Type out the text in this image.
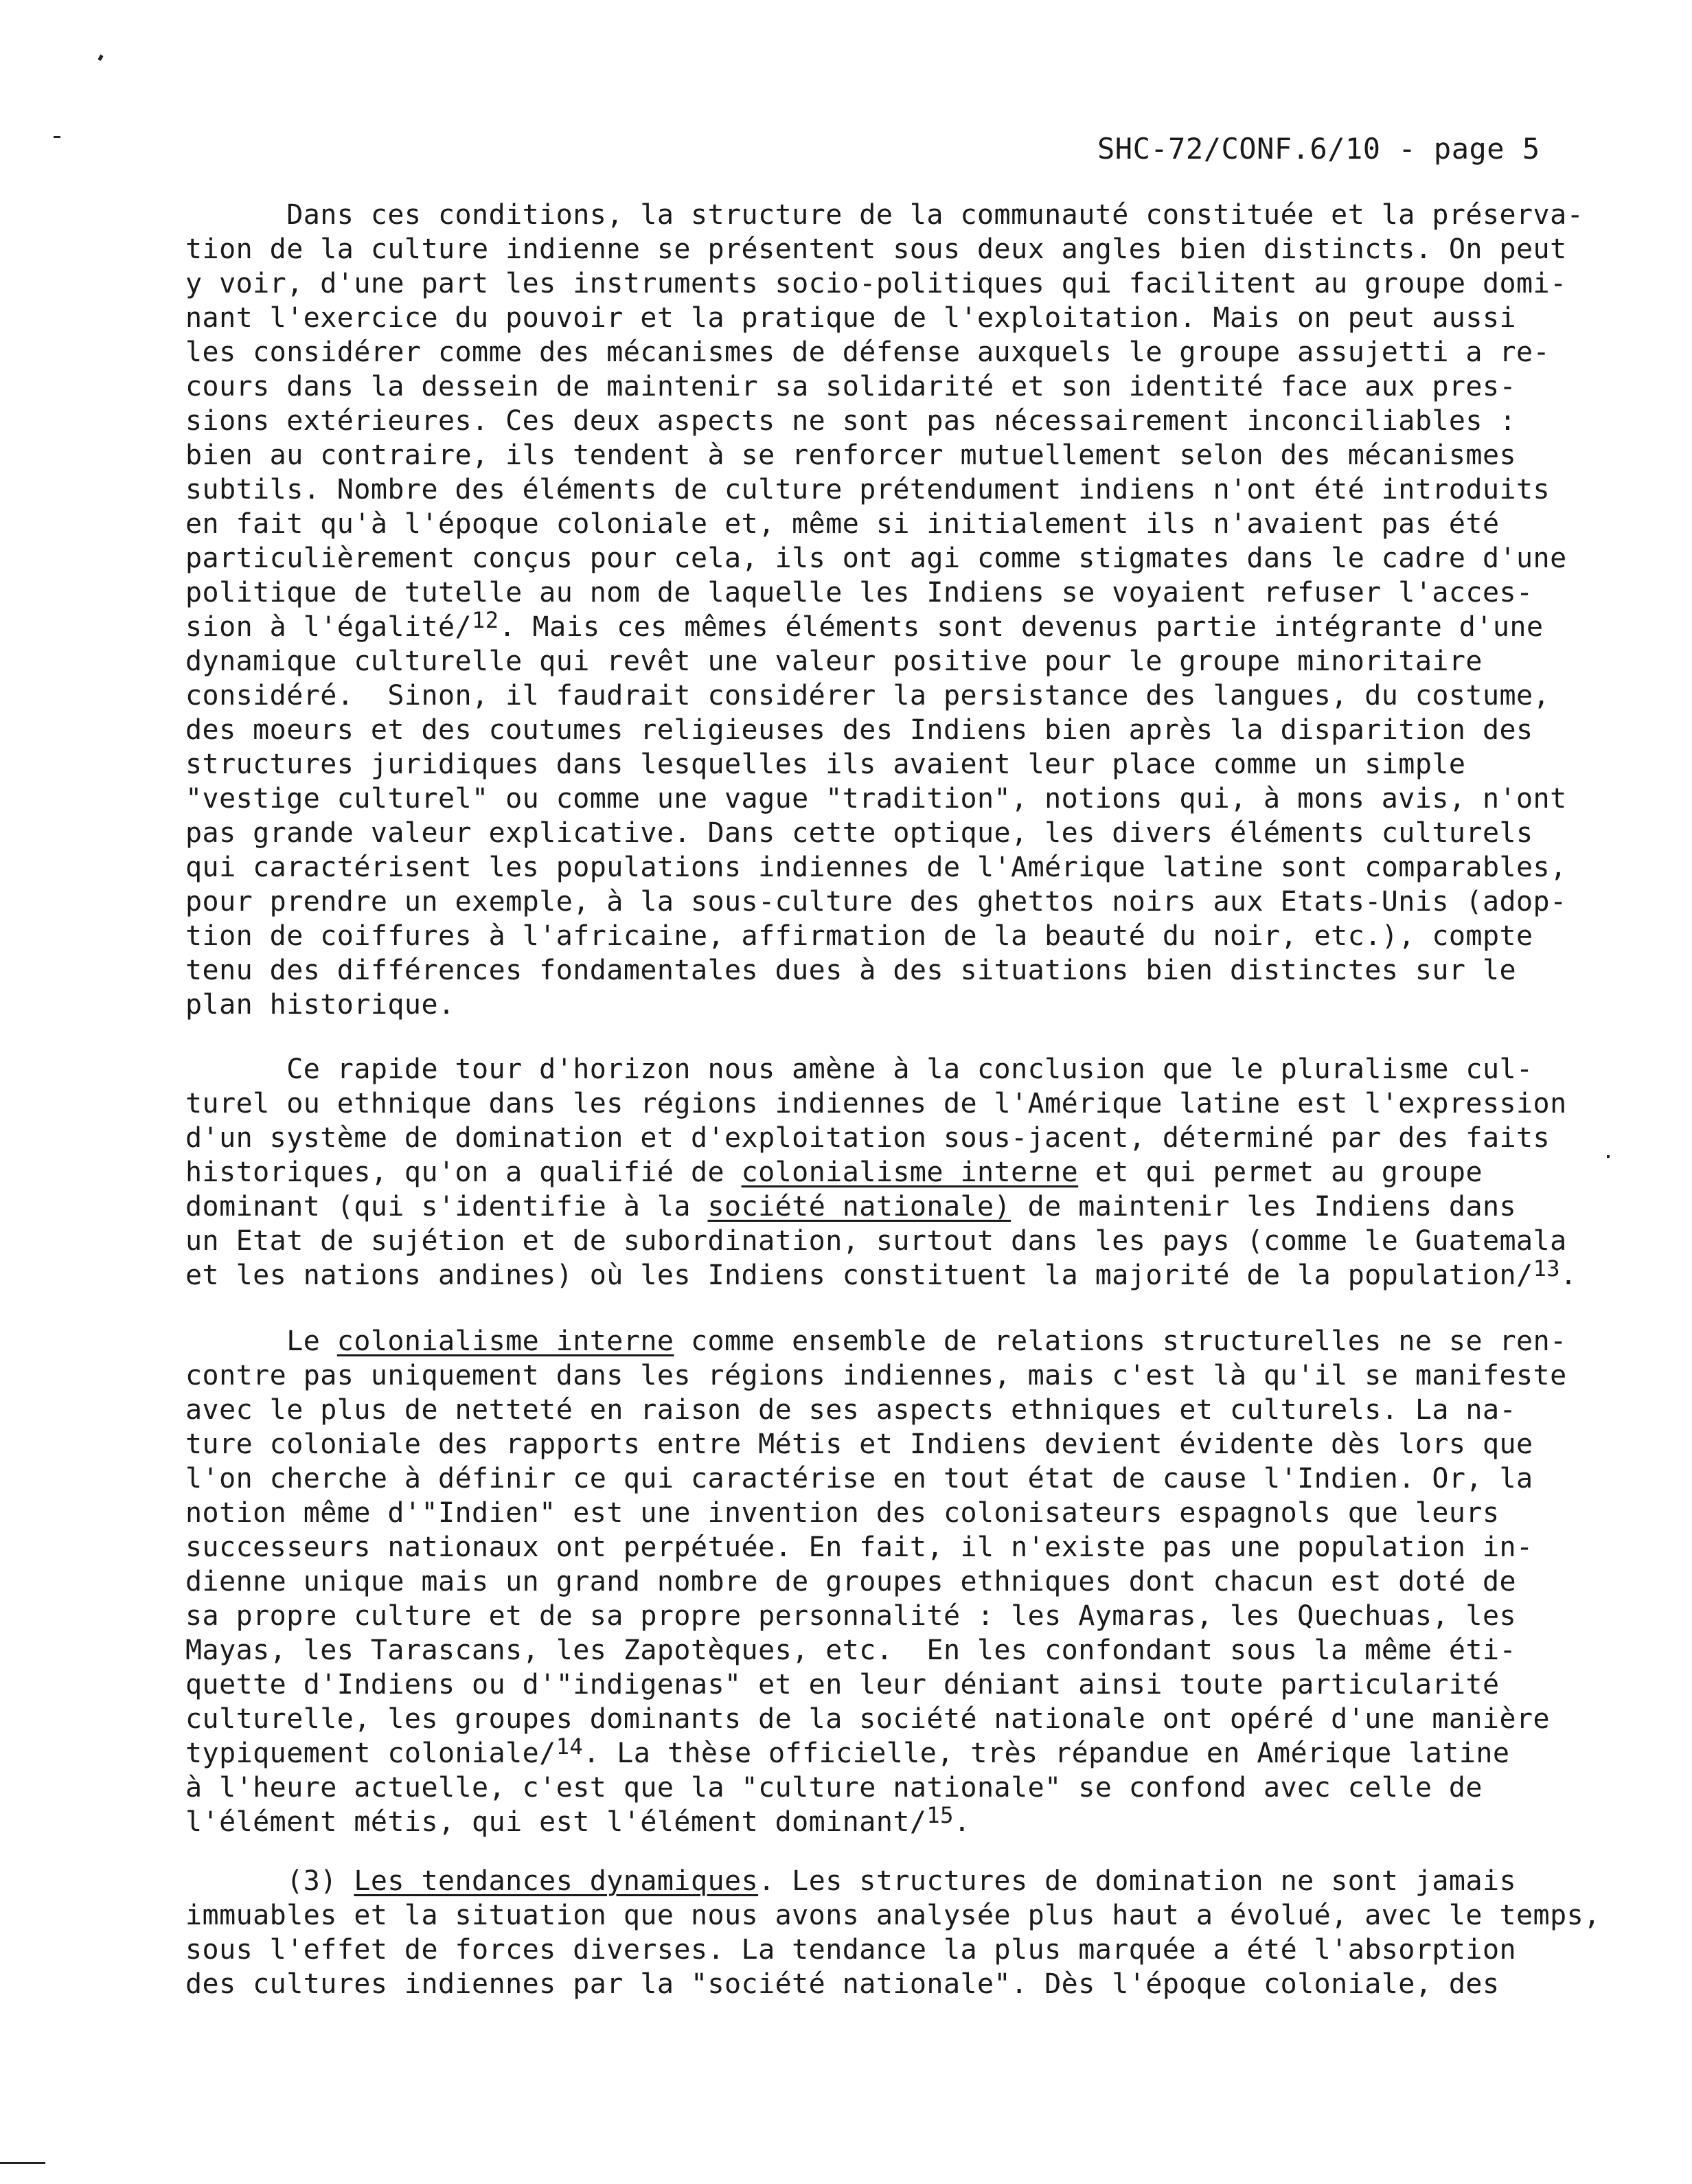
SHC-72/CONF.6/10 - page 5
Dans ces conditions, la structure de la communauté constituée et la préserva-
tion de la culture indienne se présentent sous deux angles bien distincts. On peut
y voir, d'une part les instruments socio-politiques qui facilitent au groupe domi-
nant l'exercice du pouvoir et la pratique de l'exploitation. Mais on peut aussi
les considérer comme des mécanismes de défense auxquels le groupe assujetti a re-
cours dans la dessein de maintenir sa solidarité et son identité face aux pres-
sions extérieures. Ces deux aspects ne sont pas nécessairement inconciliables :
bien au contraire, ils tendent à se renforcer mutuellement selon des mécanismes
subtils. Nombre des éléments de culture prétendument indiens n'ont été introduits
en fait qu'à l'époque coloniale et, même si initialement ils n'avaient pas été
particulièrement conçus pour cela, ils ont agi comme stigmates dans le cadre d'une
politique de tutelle au nom de laquelle les Indiens se voyaient refuser l'acces-
sion à l'égalité/$^{12}$. Mais ces mêmes éléments sont devenus partie intégrante d'une
dynamique culturelle qui revêt une valeur positive pour le groupe minoritaire
considéré.  Sinon, il faudrait considérer la persistance des langues, du costume,
des moeurs et des coutumes religieuses des Indiens bien après la disparition des
structures juridiques dans lesquelles ils avaient leur place comme un simple
"vestige culturel" ou comme une vague "tradition", notions qui, à mons avis, n'ont
pas grande valeur explicative. Dans cette optique, les divers éléments culturels
qui caractérisent les populations indiennes de l'Amérique latine sont comparables,
pour prendre un exemple, à la sous-culture des ghettos noirs aux Etats-Unis (adop-
tion de coiffures à l'africaine, affirmation de la beauté du noir, etc.), compte
tenu des différences fondamentales dues à des situations bien distinctes sur le
plan historique.
Ce rapide tour d'horizon nous amène à la conclusion que le pluralisme cul-
turel ou ethnique dans les régions indiennes de l'Amérique latine est l'expression
d'un système de domination et d'exploitation sous-jacent, déterminé par des faits
historiques, qu'on a qualifié de colonialisme interne et qui permet au groupe
dominant (qui s'identifie à la société nationale) de maintenir les Indiens dans
un Etat de sujétion et de subordination, surtout dans les pays (comme le Guatemala
et les nations andines) où les Indiens constituent la majorité de la population/$^{13}$.
Le colonialisme interne comme ensemble de relations structurelles ne se ren-
contre pas uniquement dans les régions indiennes, mais c'est là qu'il se manifeste
avec le plus de netteté en raison de ses aspects ethniques et culturels. La na-
ture coloniale des rapports entre Métis et Indiens devient évidente dès lors que
l'on cherche à définir ce qui caractérise en tout état de cause l'Indien. Or, la
notion même d'"Indien" est une invention des colonisateurs espagnols que leurs
successeurs nationaux ont perpétuée. En fait, il n'existe pas une population in-
dienne unique mais un grand nombre de groupes ethniques dont chacun est doté de
sa propre culture et de sa propre personnalité : les Aymaras, les Quechuas, les
Mayas, les Tarascans, les Zapotèques, etc.  En les confondant sous la même éti-
quette d'Indiens ou d'"indigenas" et en leur déniant ainsi toute particularité
culturelle, les groupes dominants de la société nationale ont opéré d'une manière
typiquement coloniale/$^{14}$. La thèse officielle, très répandue en Amérique latine
à l'heure actuelle, c'est que la "culture nationale" se confond avec celle de
l'élément métis, qui est l'élément dominant/$^{15}$.
(3) Les tendances dynamiques. Les structures de domination ne sont jamais
immuables et la situation que nous avons analysée plus haut a évolué, avec le temps,
sous l'effet de forces diverses. La tendance la plus marquée a été l'absorption
des cultures indiennes par la "société nationale". Dès l'époque coloniale, des
